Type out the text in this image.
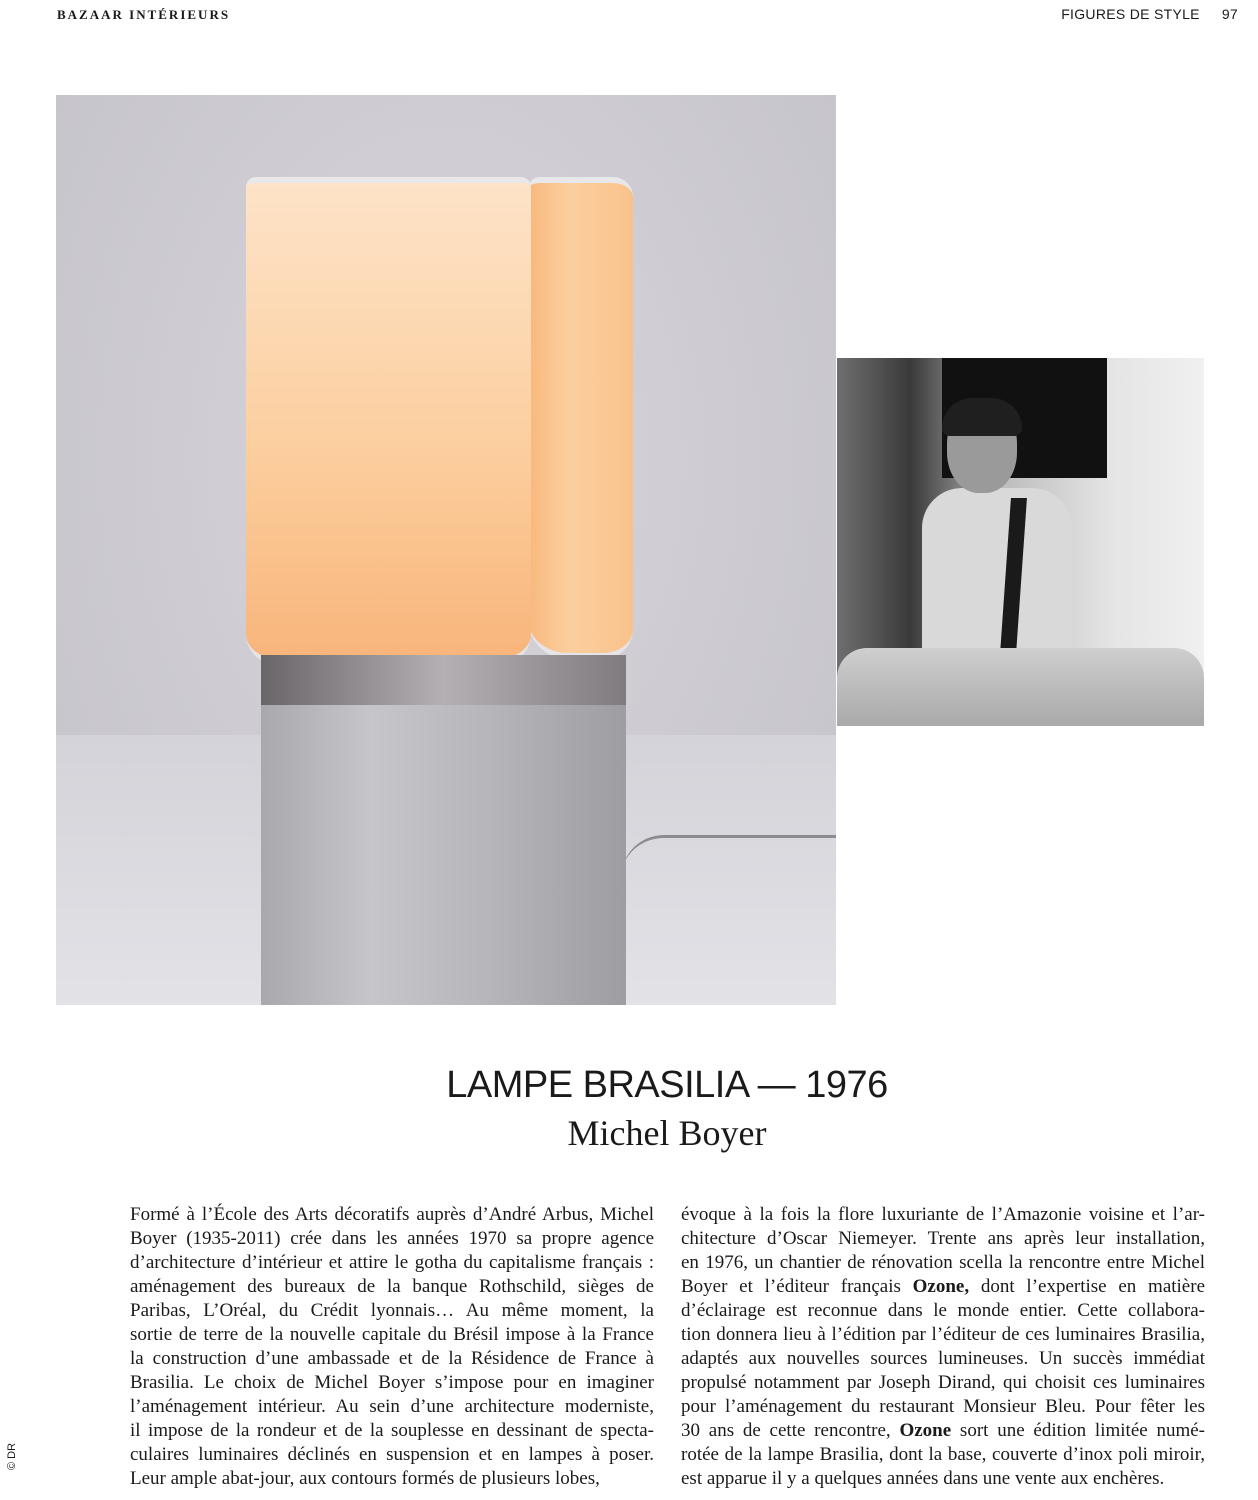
BAZAAR INTÉRIEURS	FIGURES DE STYLE 97
LAMPE BRASILIA — 1976
Michel Boyer
Formé à l’École des Arts décoratifs auprès d’André Arbus, Michel
Boyer (1935-2011) crée dans les années 1970 sa propre agence
d’architecture d’intérieur et attire le gotha du capitalisme français :
aménagement des bureaux de la banque Rothschild, sièges de
Paribas, L’Oréal, du Crédit lyonnais… Au même moment, la
sortie de terre de la nouvelle capitale du Brésil impose à la France
la construction d’une ambassade et de la Résidence de France à
Brasilia. Le choix de Michel Boyer s’impose pour en imaginer
l’aménagement intérieur. Au sein d’une architecture moderniste,
il impose de la rondeur et de la souplesse en dessinant de specta-
culaires luminaires déclinés en suspension et en lampes à poser.
Leur ample abat-jour, aux contours formés de plusieurs lobes,
évoque à la fois la flore luxuriante de l’Amazonie voisine et l’ar-
chitecture d’Oscar Niemeyer. Trente ans après leur installation,
en 1976, un chantier de rénovation scella la rencontre entre Michel
Boyer et l’éditeur français Ozone, dont l’expertise en matière
d’éclairage est reconnue dans le monde entier. Cette collabora-
tion donnera lieu à l’édition par l’éditeur de ces luminaires Brasilia,
adaptés aux nouvelles sources lumineuses. Un succès immédiat
propulsé notamment par Joseph Dirand, qui choisit ces luminaires
pour l’aménagement du restaurant Monsieur Bleu. Pour fêter les
30 ans de cette rencontre, Ozone sort une édition limitée numé-
rotée de la lampe Brasilia, dont la base, couverte d’inox poli miroir,
est apparue il y a quelques années dans une vente aux enchères.
© DR
